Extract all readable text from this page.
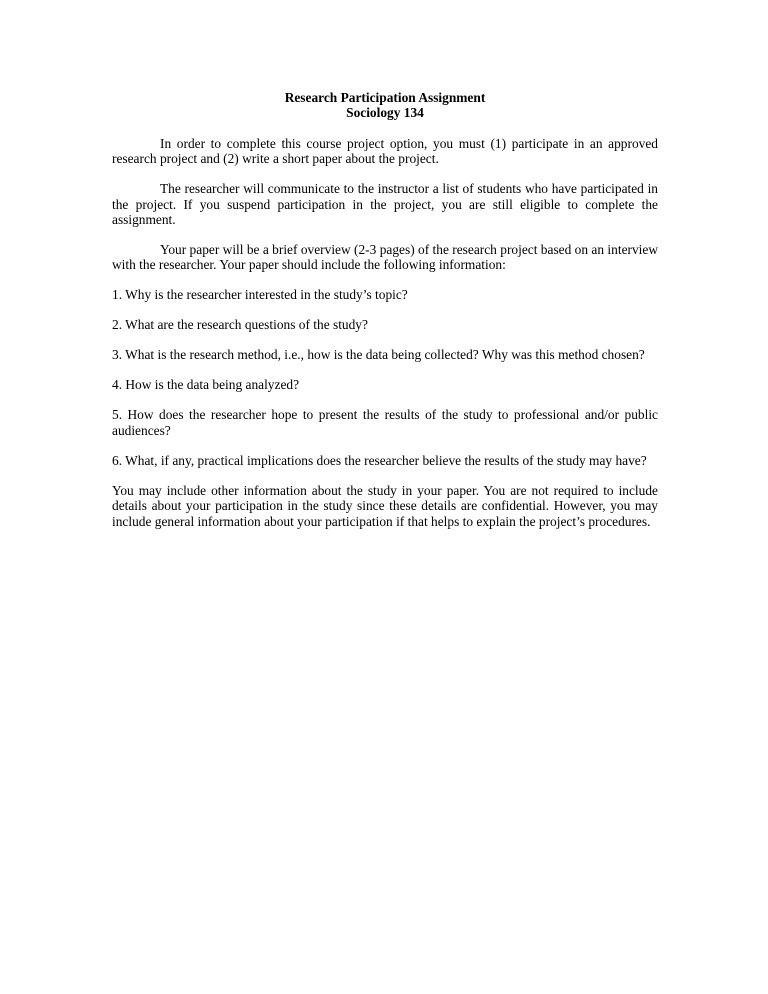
Research Participation Assignment
Sociology 134

In order to complete this course project option, you must (1) participate in an approved research project and (2) write a short paper about the project.

The researcher will communicate to the instructor a list of students who have participated in the project. If you suspend participation in the project, you are still eligible to complete the assignment.

Your paper will be a brief overview (2-3 pages) of the research project based on an interview with the researcher. Your paper should include the following information:

1. Why is the researcher interested in the study’s topic?

2. What are the research questions of the study?

3. What is the research method, i.e., how is the data being collected? Why was this method chosen?

4. How is the data being analyzed?

5. How does the researcher hope to present the results of the study to professional and/or public audiences?

6. What, if any, practical implications does the researcher believe the results of the study may have?

You may include other information about the study in your paper. You are not required to include details about your participation in the study since these details are confidential. However, you may include general information about your participation if that helps to explain the project’s procedures.
